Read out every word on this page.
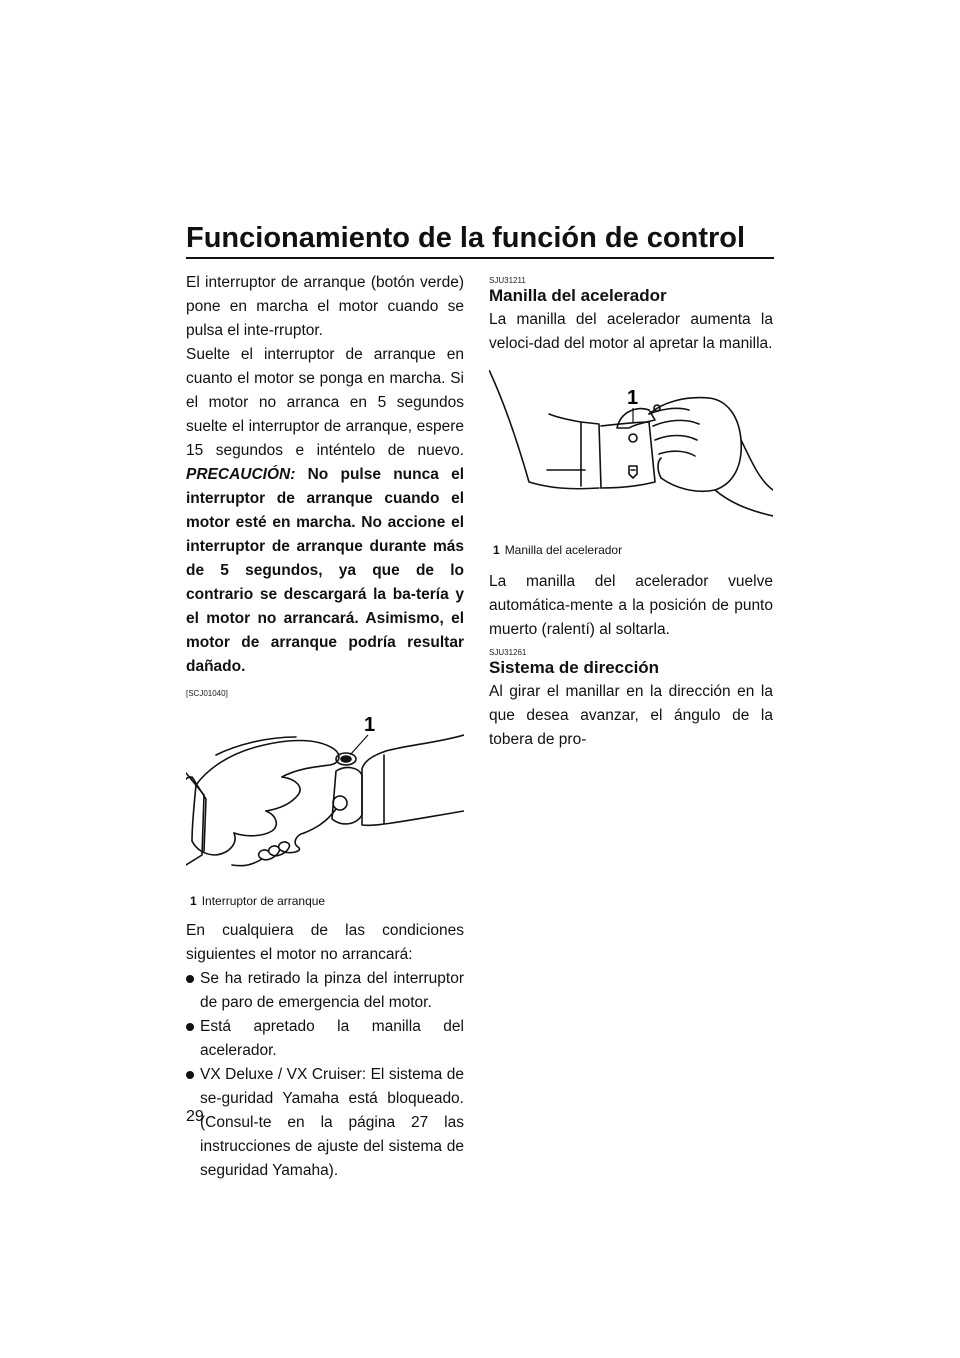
Funcionamiento de la función de control

El interruptor de arranque (botón verde) pone en marcha el motor cuando se pulsa el inte-rruptor.

Suelte el interruptor de arranque en cuanto el motor se ponga en marcha. Si el motor no arranca en 5 segundos suelte el interruptor de arranque, espere 15 segundos e inténtelo de nuevo. PRECAUCIÓN: No pulse nunca el interruptor de arranque cuando el motor esté en marcha. No accione el interruptor de arranque durante más de 5 segundos, ya que de lo contrario se descargará la ba-tería y el motor no arrancará. Asimismo, el motor de arranque podría resultar dañado.

[SCJ01040]
1
1 Interruptor de arranque

En cualquiera de las condiciones siguientes el motor no arrancará:

Se ha retirado la pinza del interruptor de paro de emergencia del motor.
Está apretado la manilla del acelerador.
VX Deluxe / VX Cruiser: El sistema de se-guridad Yamaha está bloqueado. (Consul-te en la página 27 las instrucciones de ajuste del sistema de seguridad Yamaha).
SJU31211
Manilla del acelerador

La manilla del acelerador aumenta la veloci-dad del motor al apretar la manilla.

1
1 Manilla del acelerador

La manilla del acelerador vuelve automática-mente a la posición de punto muerto (ralentí) al soltarla.

SJU31261
Sistema de dirección

Al girar el manillar en la dirección en la que desea avanzar, el ángulo de la tobera de pro-

29
